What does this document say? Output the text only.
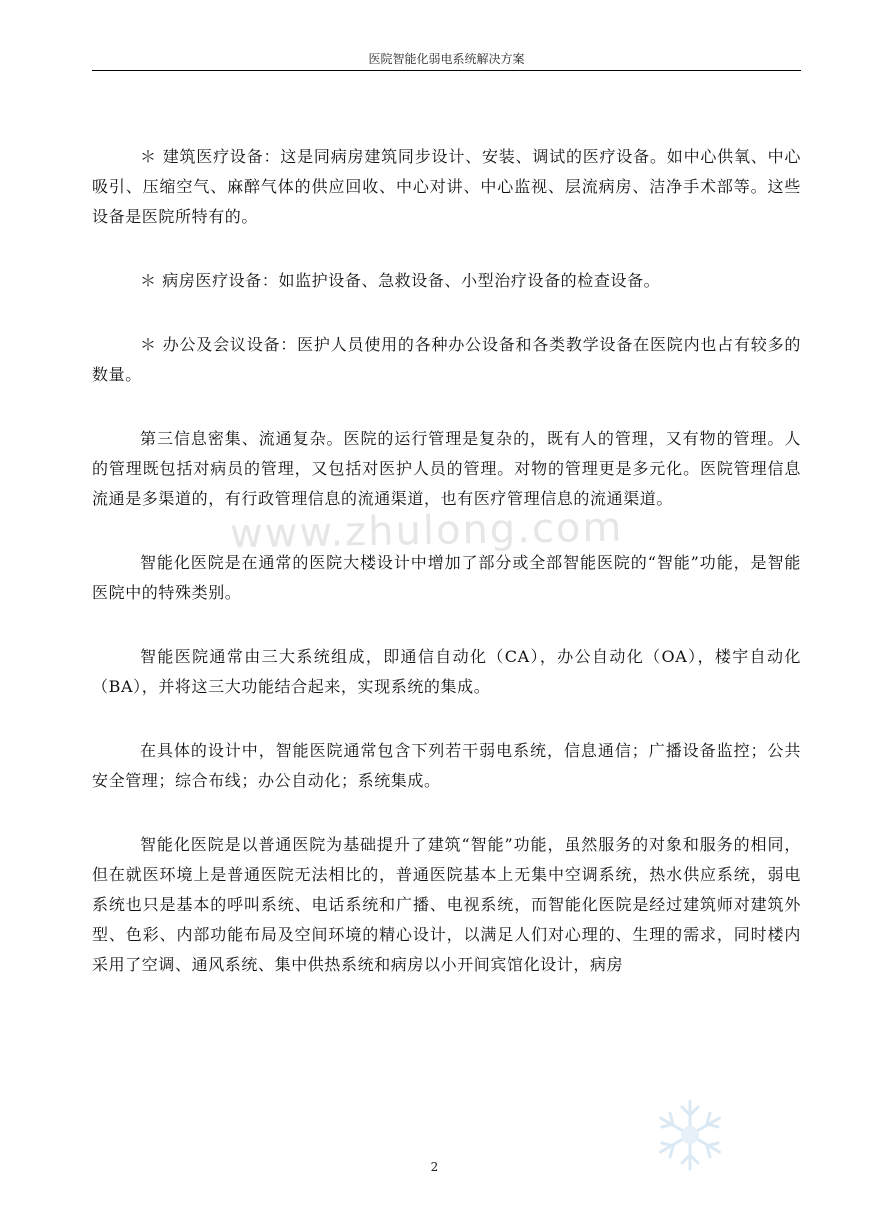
医院智能化弱电系统解决方案
www.zhulong.com

＊ 建筑医疗设备：这是同病房建筑同步设计、安装、调试的医疗设备。如中心供氧、中心吸引、压缩空气、麻醉气体的供应回收、中心对讲、中心监视、层流病房、洁净手术部等。这些设备是医院所特有的。

＊ 病房医疗设备：如监护设备、急救设备、小型治疗设备的检查设备。

＊ 办公及会议设备：医护人员使用的各种办公设备和各类教学设备在医院内也占有较多的数量。

第三信息密集、流通复杂。医院的运行管理是复杂的，既有人的管理，又有物的管理。人的管理既包括对病员的管理，又包括对医护人员的管理。对物的管理更是多元化。医院管理信息流通是多渠道的，有行政管理信息的流通渠道，也有医疗管理信息的流通渠道。

智能化医院是在通常的医院大楼设计中增加了部分或全部智能医院的“智能”功能，是智能医院中的特殊类别。

智能医院通常由三大系统组成，即通信自动化（CA），办公自动化（OA），楼宇自动化（BA），并将这三大功能结合起来，实现系统的集成。

在具体的设计中，智能医院通常包含下列若干弱电系统，信息通信；广播设备监控；公共安全管理；综合布线；办公自动化；系统集成。

智能化医院是以普通医院为基础提升了建筑“智能”功能，虽然服务的对象和服务的相同，但在就医环境上是普通医院无法相比的，普通医院基本上无集中空调系统，热水供应系统，弱电系统也只是基本的呼叫系统、电话系统和广播、电视系统，而智能化医院是经过建筑师对建筑外型、色彩、内部功能布局及空间环境的精心设计，以满足人们对心理的、生理的需求，同时楼内采用了空调、通风系统、集中供热系统和病房以小开间宾馆化设计，病房

2
